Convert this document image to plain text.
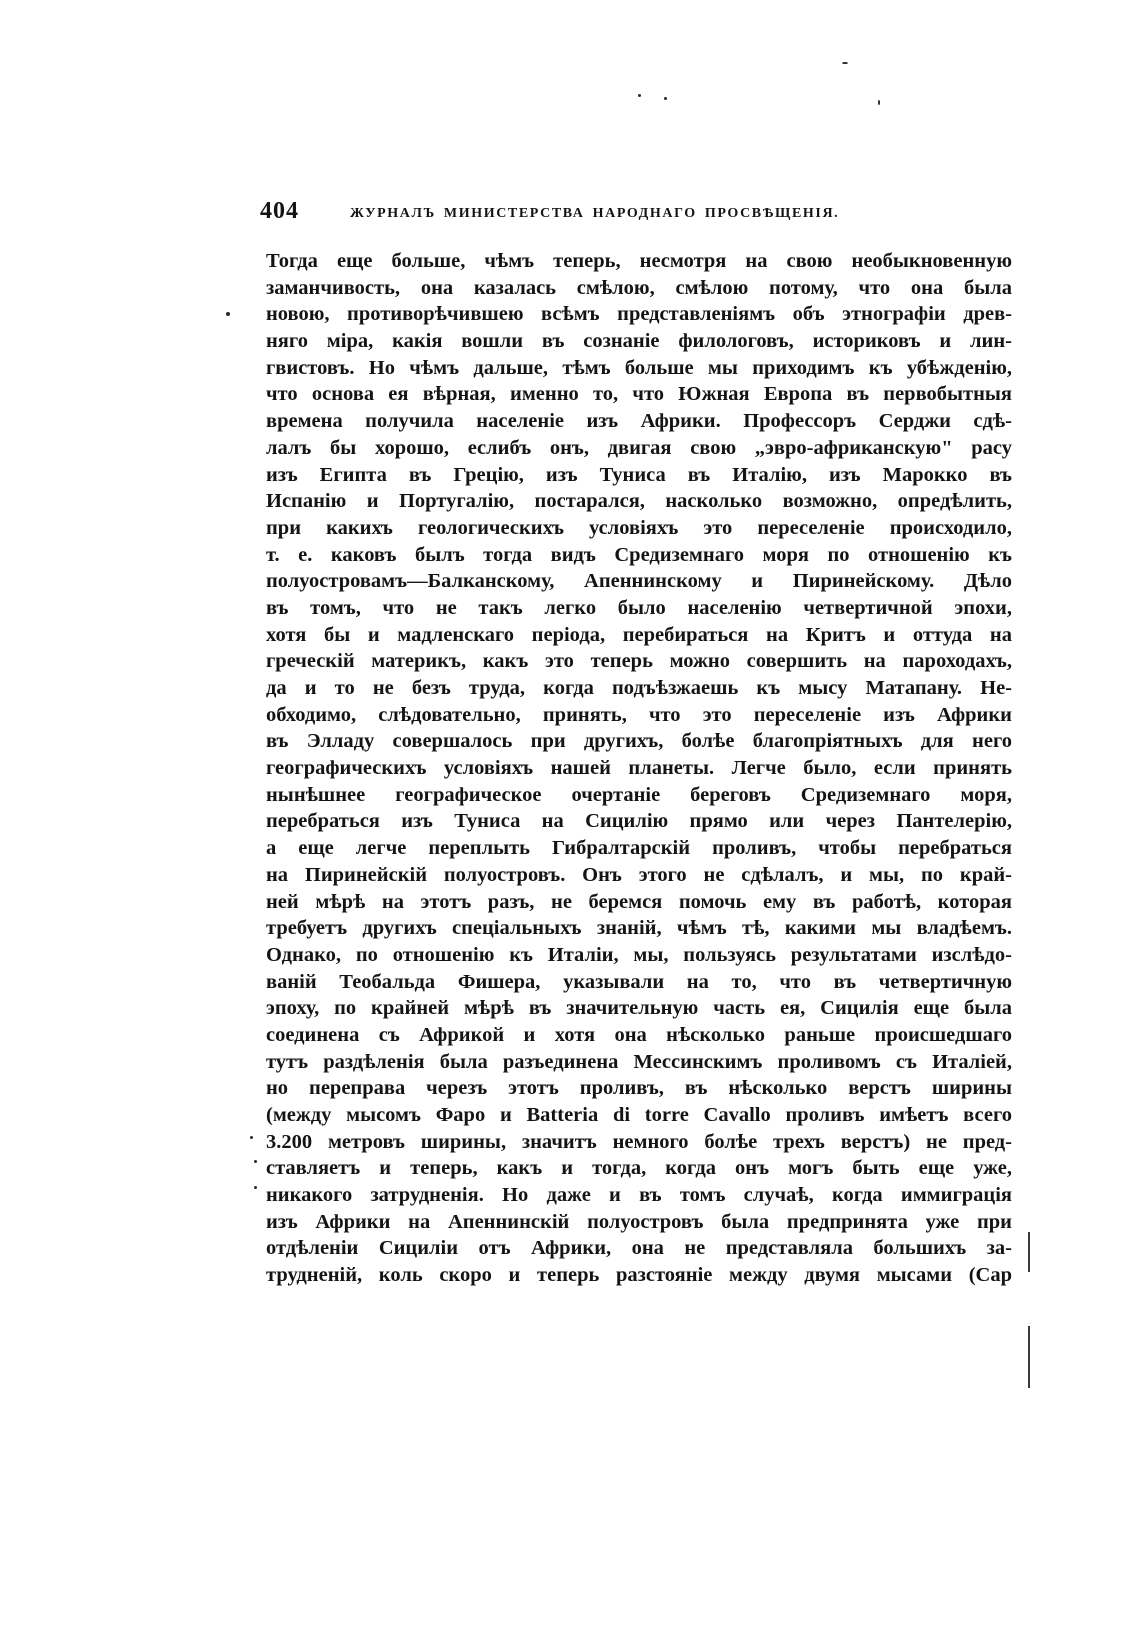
404	ЖУРНАЛЪ МИНИСТЕРСТВА НАРОДНАГО ПРОСВѢЩЕНІЯ.
Тогда еще больше, чѣмъ теперь, несмотря на свою необыкновенную
заманчивость, она казалась смѣлою, смѣлою потому, что она была
новою, противорѣчившею всѣмъ представленіямъ объ этнографіи древ-
няго міра, какія вошли въ сознаніе филологовъ, историковъ и лин-
гвистовъ. Но чѣмъ дальше, тѣмъ больше мы приходимъ къ убѣжденію,
что основа ея вѣрная, именно то, что Южная Европа въ первобытныя
времена получила населеніе изъ Африки. Профессоръ Серджи сдѣ-
лалъ бы хорошо, еслибъ онъ, двигая свою „эвро-африканскую" расу
изъ Египта въ Грецію, изъ Туниса въ Италію, изъ Марокко въ
Испанію и Португалію, постарался, насколько возможно, опредѣлить,
при какихъ геологическихъ условіяхъ это переселеніе происходило,
т. е. каковъ былъ тогда видъ Средиземнаго моря по отношенію къ
полуостровамъ—Балканскому, Апеннинскому и Пиринейскому. Дѣло
въ томъ, что не такъ легко было населенію четвертичной эпохи,
хотя бы и мадленскаго періода, перебираться на Критъ и оттуда на
греческій материкъ, какъ это теперь можно совершить на пароходахъ,
да и то не безъ труда, когда подъѣзжаешь къ мысу Матапану. Не-
обходимо, слѣдовательно, принять, что это переселеніе изъ Африки
въ Элладу совершалось при другихъ, болѣе благопріятныхъ для него
географическихъ условіяхъ нашей планеты. Легче было, если принять
нынѣшнее географическое очертаніе береговъ Средиземнаго моря,
перебраться изъ Туниса на Сицилію прямо или через Пантелерію,
а еще легче переплыть Гибралтарскій проливъ, чтобы перебраться
на Пиринейскій полуостровъ. Онъ этого не сдѣлалъ, и мы, по край-
ней мѣрѣ на этотъ разъ, не беремся помочь ему въ работѣ, которая
требуетъ другихъ спеціальныхъ знаній, чѣмъ тѣ, какими мы владѣемъ.
Однако, по отношенію къ Италіи, мы, пользуясь результатами изслѣдо-
ваній Теобальда Фишера, указывали на то, что въ четвертичную
эпоху, по крайней мѣрѣ въ значительную часть ея, Сицилія еще была
соединена съ Африкой и хотя она нѣсколько раньше происшедшаго
тутъ раздѣленія была разъединена Мессинскимъ проливомъ съ Италіей,
но переправа черезъ этотъ проливъ, въ нѣсколько верстъ ширины
(между мысомъ Фаро и Batteria di torre Cavallo проливъ имѣетъ всего
3.200 метровъ ширины, значитъ немного болѣе трехъ верстъ) не пред-
ставляетъ и теперь, какъ и тогда, когда онъ могъ быть еще уже,
никакого затрудненія. Но даже и въ томъ случаѣ, когда иммиграція
изъ Африки на Апеннинскій полуостровъ была предпринята уже при
отдѣленіи Сициліи отъ Африки, она не представляла большихъ за-
трудненій, коль скоро и теперь разстояніе между двумя мысами (Сар
